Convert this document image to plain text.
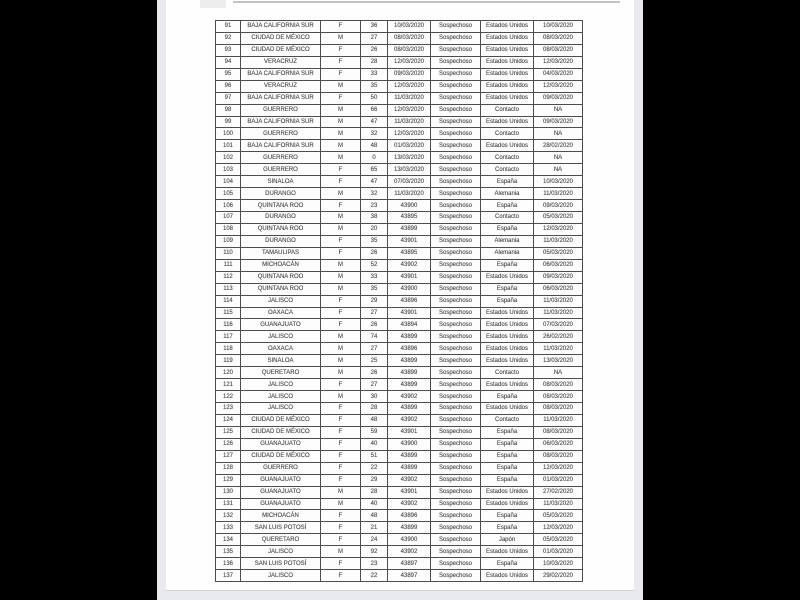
91	BAJA CALIFORNIA SUR	F	36	10/03/2020	Sospechoso	Estados Unidos	10/03/2020
92	CIUDAD DE MÉXICO	M	27	08/03/2020	Sospechoso	Estados Unidos	08/03/2020
93	CIUDAD DE MÉXICO	F	26	08/03/2020	Sospechoso	Estados Unidos	08/03/2020
94	VERACRUZ	F	28	12/03/2020	Sospechoso	Estados Unidos	12/03/2020
95	BAJA CALIFORNIA SUR	F	33	09/03/2020	Sospechoso	Estados Unidos	04/03/2020
96	VERACRUZ	M	35	12/03/2020	Sospechoso	Estados Unidos	12/03/2020
97	BAJA CALIFORNIA SUR	F	50	11/03/2020	Sospechoso	Estados Unidos	09/03/2020
98	GUERRERO	M	66	12/03/2020	Sospechoso	Contacto	NA
99	BAJA CALIFORNIA SUR	M	47	11/03/2020	Sospechoso	Estados Unidos	09/03/2020
100	GUERRERO	M	32	12/03/2020	Sospechoso	Contacto	NA
101	BAJA CALIFORNIA SUR	M	48	01/03/2020	Sospechoso	Estados Unidos	28/02/2020
102	GUERRERO	M	0	13/03/2020	Sospechoso	Contacto	NA
103	GUERRERO	F	65	13/03/2020	Sospechoso	Contacto	NA
104	SINALOA	F	47	07/03/2020	Sospechoso	España	10/03/2020
105	DURANGO	M	32	11/03/2020	Sospechoso	Alemania	11/03/2020
106	QUINTANA ROO	F	23	43900	Sospechoso	España	09/03/2020
107	DURANGO	M	38	43895	Sospechoso	Contacto	05/03/2020
108	QUINTANA ROO	M	20	43899	Sospechoso	España	12/03/2020
109	DURANGO	F	35	43901	Sospechoso	Alemania	11/03/2020
110	TAMAULIPAS	F	26	43895	Sospechoso	Alemania	05/03/2020
111	MICHOACÁN	M	52	43902	Sospechoso	España	06/03/2020
112	QUINTANA ROO	M	33	43901	Sospechoso	Estados Unidos	09/03/2020
113	QUINTANA ROO	M	35	43900	Sospechoso	España	06/03/2020
114	JALISCO	F	29	43896	Sospechoso	España	11/03/2020
115	OAXACA	F	27	43901	Sospechoso	Estados Unidos	11/03/2020
116	GUANAJUATO	F	26	43894	Sospechoso	Estados Unidos	07/03/2020
117	JALISCO	M	74	43899	Sospechoso	Estados Unidos	26/02/2020
118	OAXACA	M	27	43896	Sospechoso	Estados Unidos	11/03/2020
119	SINALOA	M	25	43899	Sospechoso	Estados Unidos	13/03/2020
120	QUERETARO	M	26	43899	Sospechoso	Contacto	NA
121	JALISCO	F	27	43899	Sospechoso	Estados Unidos	08/03/2020
122	JALISCO	M	30	43902	Sospechoso	España	08/03/2020
123	JALISCO	F	28	43899	Sospechoso	Estados Unidos	08/03/2020
124	CIUDAD DE MÉXICO	F	48	43902	Sospechoso	Contacto	11/03/2020
125	CIUDAD DE MÉXICO	F	59	43901	Sospechoso	España	08/03/2020
126	GUANAJUATO	F	40	43900	Sospechoso	España	06/03/2020
127	CIUDAD DE MÉXICO	F	51	43899	Sospechoso	España	08/03/2020
128	GUERRERO	F	22	43899	Sospechoso	España	12/03/2020
129	GUANAJUATO	F	29	43902	Sospechoso	España	01/03/2020
130	GUANAJUATO	M	28	43901	Sospechoso	Estados Unidos	27/02/2020
131	GUANAJUATO	M	40	43902	Sospechoso	Estados Unidos	11/03/2020
132	MICHOACÁN	F	48	43896	Sospechoso	España	05/03/2020
133	SAN LUIS POTOSÍ	F	21	43899	Sospechoso	España	12/03/2020
134	QUERETARO	F	24	43900	Sospechoso	Japón	05/03/2020
135	JALISCO	M	92	43902	Sospechoso	Estados Unidos	01/03/2020
136	SAN LUIS POTOSÍ	F	23	43897	Sospechoso	España	10/03/2020
137	JALISCO	F	22	43897	Sospechoso	Estados Unidos	29/02/2020
